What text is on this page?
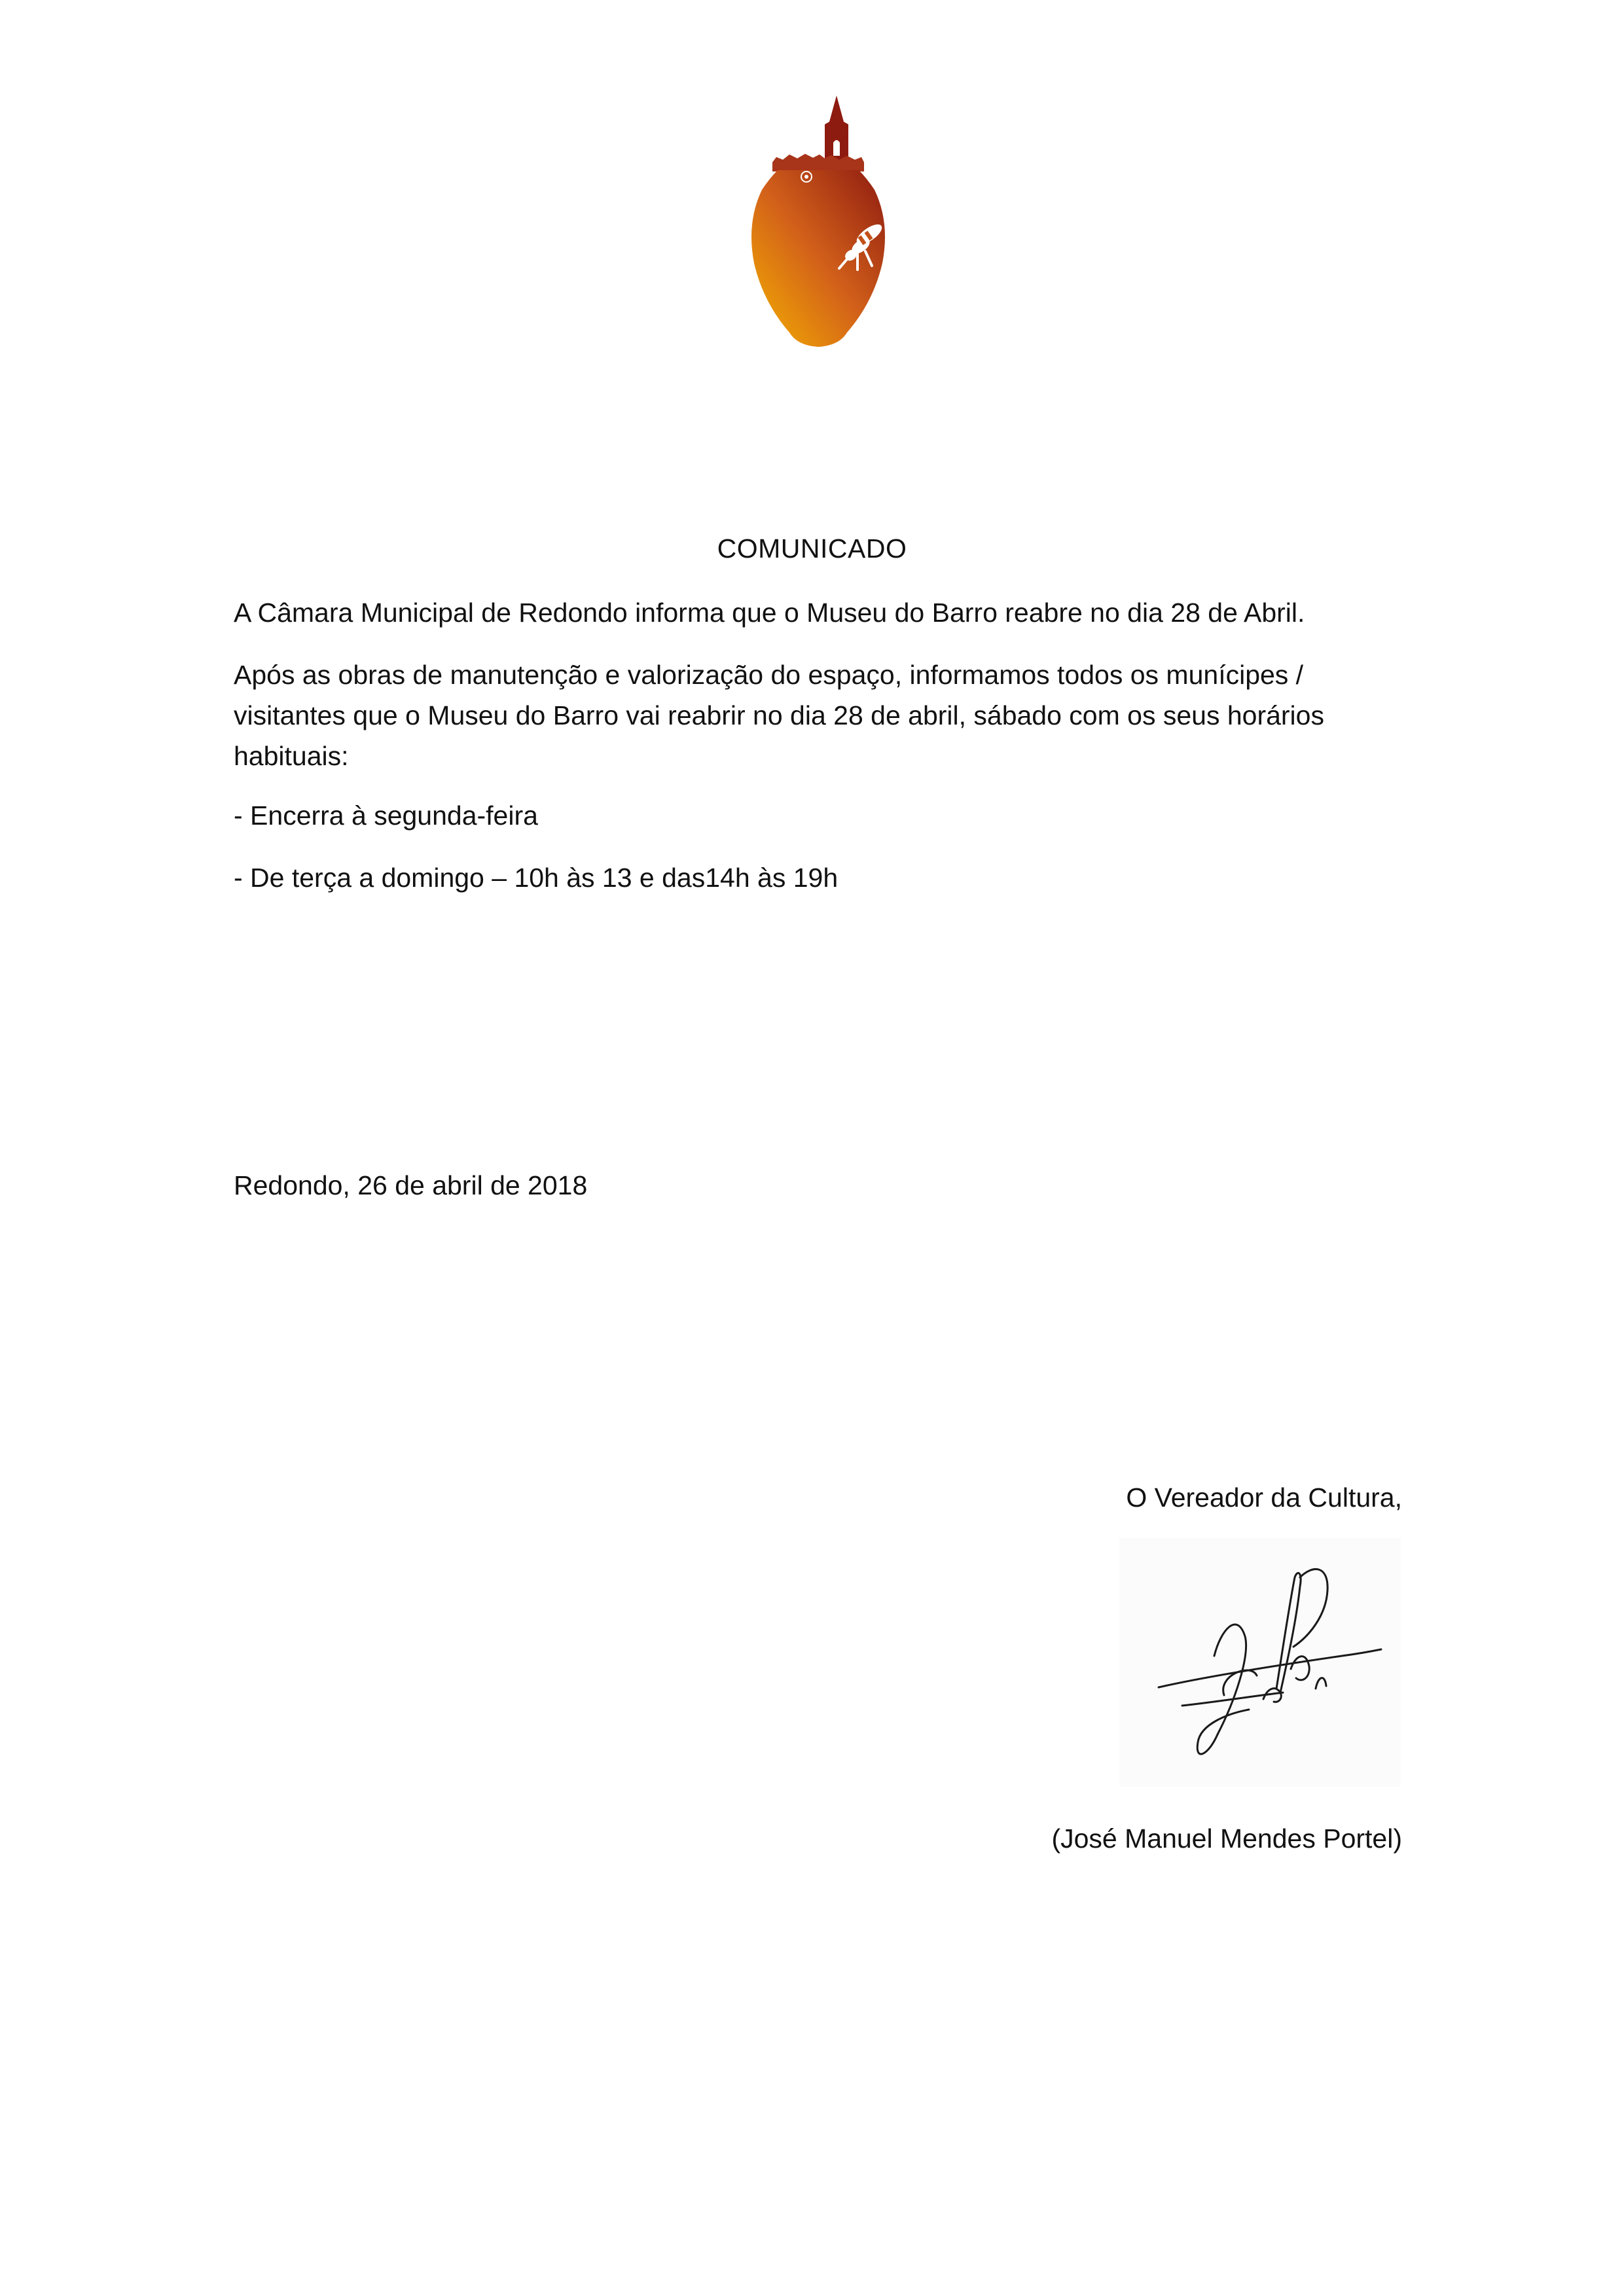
COMUNICADO

A Câmara Municipal de Redondo informa que o Museu do Barro reabre no dia 28 de Abril.

Após as obras de manutenção e valorização do espaço, informamos todos os munícipes / visitantes que o Museu do Barro vai reabrir no dia 28 de abril, sábado com os seus horários habituais:

- Encerra à segunda-feira

- De terça a domingo – 10h às 13 e das14h às 19h

Redondo, 26 de abril de 2018

O Vereador da Cultura,
(José Manuel Mendes Portel)
